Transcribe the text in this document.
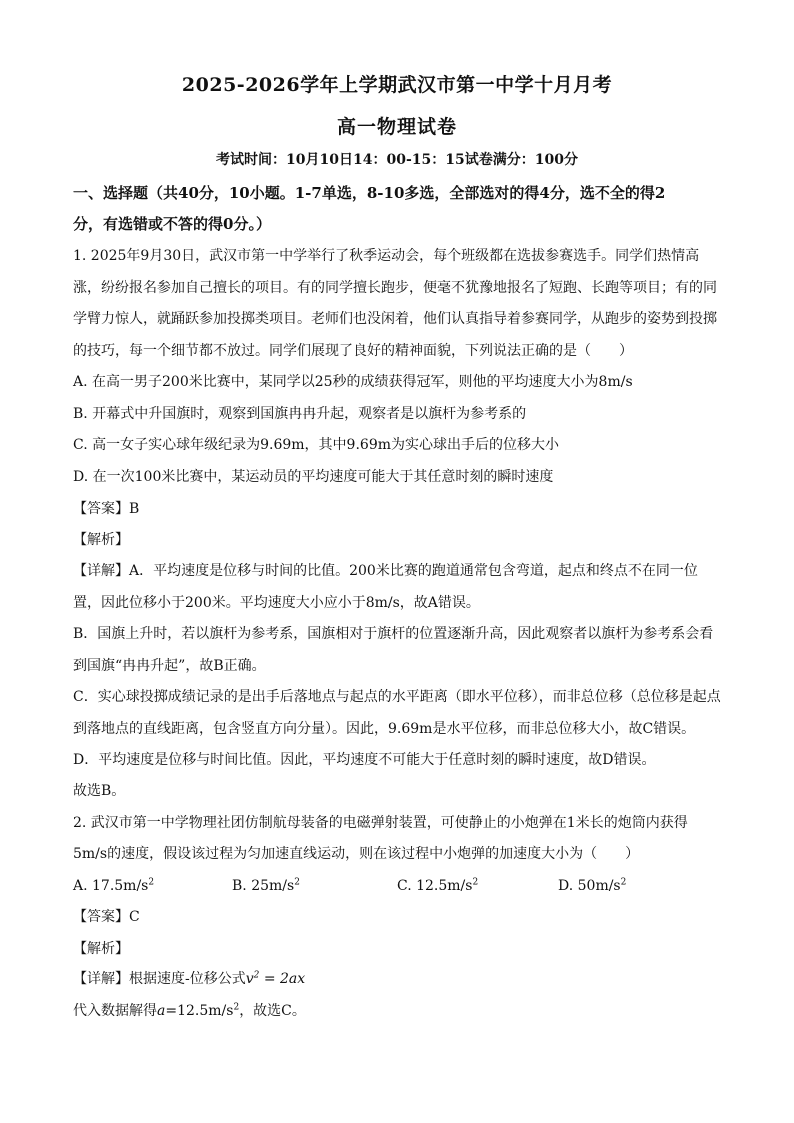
2025-2026学年上学期武汉市第一中学十月月考
高一物理试卷
考试时间：10月10日14：00-15：15试卷满分：100分
一、选择题（共40分，10小题。1-7单选，8-10多选，全部选对的得4分，选不全的得2
分，有选错或不答的得0分。）
1. 2025年9月30日，武汉市第一中学举行了秋季运动会，每个班级都在选拔参赛选手。同学们热情高
涨，纷纷报名参加自己擅长的项目。有的同学擅长跑步，便毫不犹豫地报名了短跑、长跑等项目；有的同
学臂力惊人，就踊跃参加投掷类项目。老师们也没闲着，他们认真指导着参赛同学，从跑步的姿势到投掷
的技巧，每一个细节都不放过。同学们展现了良好的精神面貌，下列说法正确的是（　　）
A. 在高一男子200米比赛中，某同学以25秒的成绩获得冠军，则他的平均速度大小为8m/s
B. 开幕式中升国旗时，观察到国旗冉冉升起，观察者是以旗杆为参考系的
C. 高一女子实心球年级纪录为9.69m，其中9.69m为实心球出手后的位移大小
D. 在一次100米比赛中，某运动员的平均速度可能大于其任意时刻的瞬时速度
【答案】B
【解析】
【详解】A．平均速度是位移与时间的比值。200米比赛的跑道通常包含弯道，起点和终点不在同一位
置，因此位移小于200米。平均速度大小应小于8m/s，故A错误。
B．国旗上升时，若以旗杆为参考系，国旗相对于旗杆的位置逐渐升高，因此观察者以旗杆为参考系会看
到国旗“冉冉升起”，故B正确。
C．实心球投掷成绩记录的是出手后落地点与起点的水平距离（即水平位移），而非总位移（总位移是起点
到落地点的直线距离，包含竖直方向分量）。因此，9.69m是水平位移，而非总位移大小，故C错误。
D．平均速度是位移与时间比值。因此，平均速度不可能大于任意时刻的瞬时速度，故D错误。
故选B。
2. 武汉市第一中学物理社团仿制航母装备的电磁弹射装置，可使静止的小炮弹在1米长的炮筒内获得
5m/s的速度，假设该过程为匀加速直线运动，则在该过程中小炮弹的加速度大小为（　　）
A. $17.5m/s^2$	B. $25m/s^2$	C. $12.5m/s^2$	D. $50m/s^2$
【答案】C
【解析】
【详解】根据速度-位移公式$v^2 = 2ax$
代入数据解得$a=12.5m/s^2$，故选C。
